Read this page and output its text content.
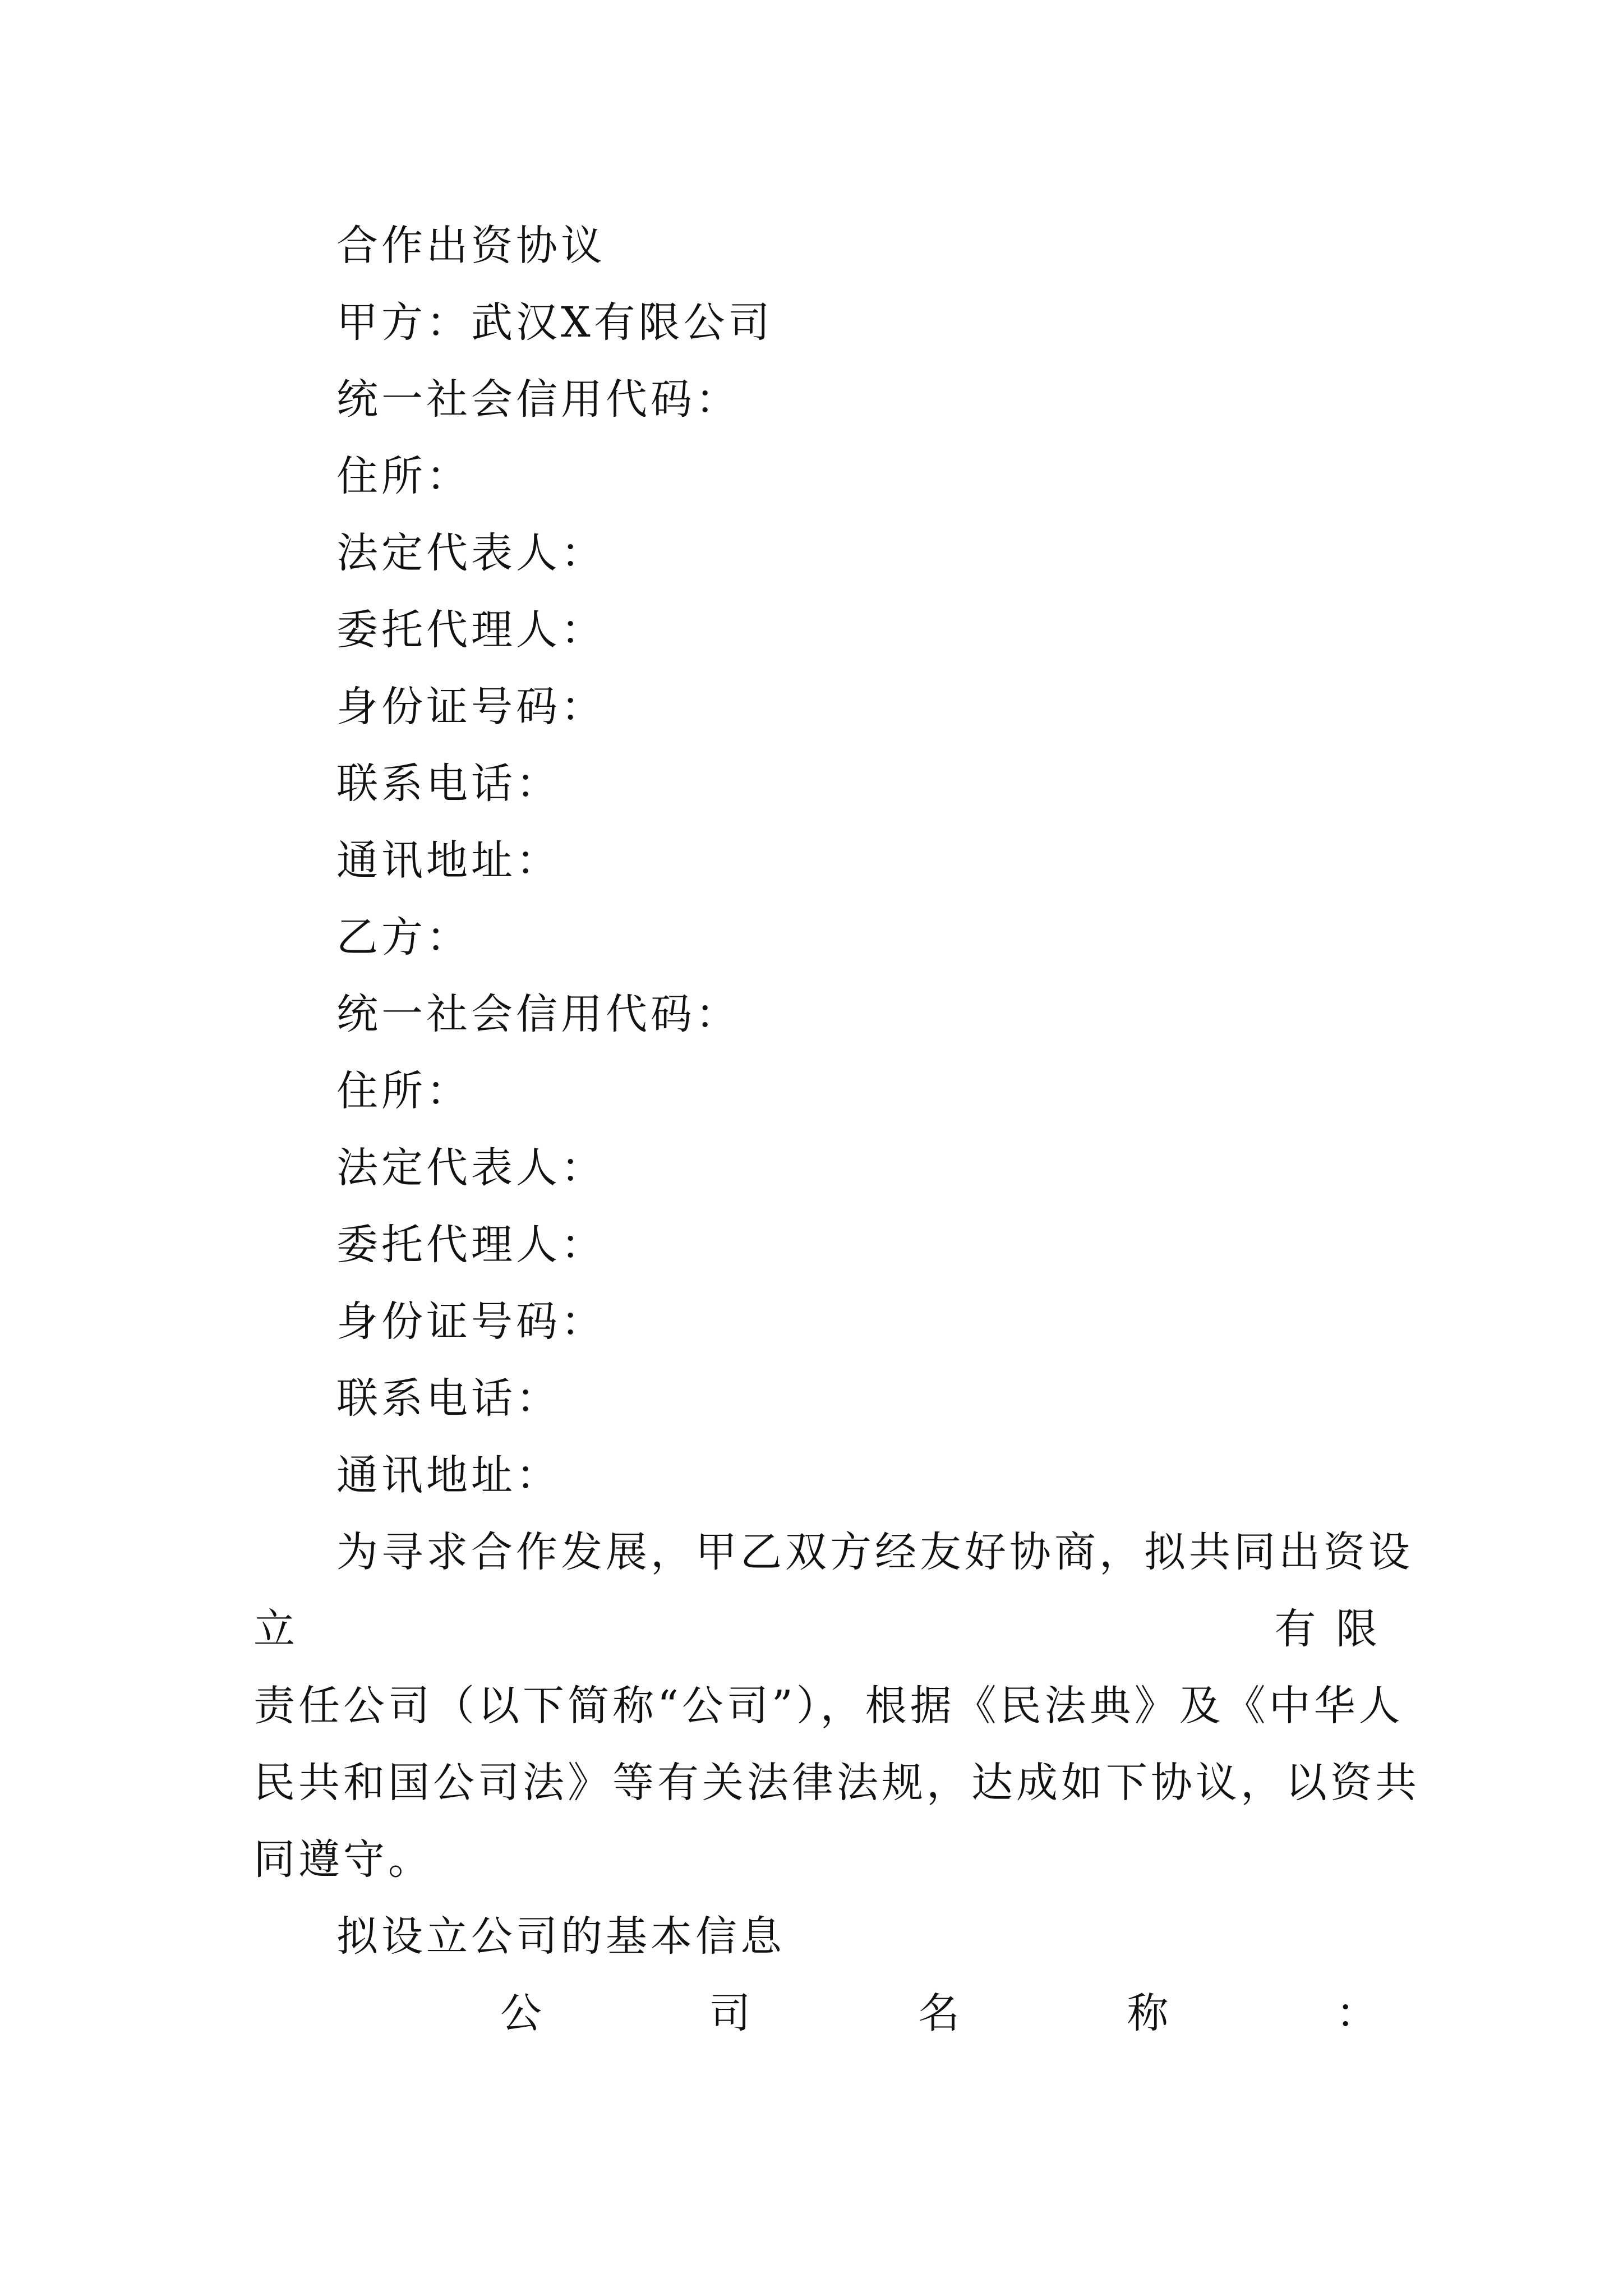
合作出资协议
甲方：武汉X有限公司
统一社会信用代码：
住所：
法定代表人：
委托代理人：
身份证号码：
联系电话：
通讯地址：
乙方：
统一社会信用代码：
住所：
法定代表人：
委托代理人：
身份证号码：
联系电话：
通讯地址：
为寻求合作发展，甲乙双方经友好协商，拟共同出资设
立	有 限
责任公司（以下简称“公司”），根据《民法典》及《中华人
民共和国公司法》等有关法律法规，达成如下协议，以资共
同遵守。
拟设立公司的基本信息
公	司	名	称	：
